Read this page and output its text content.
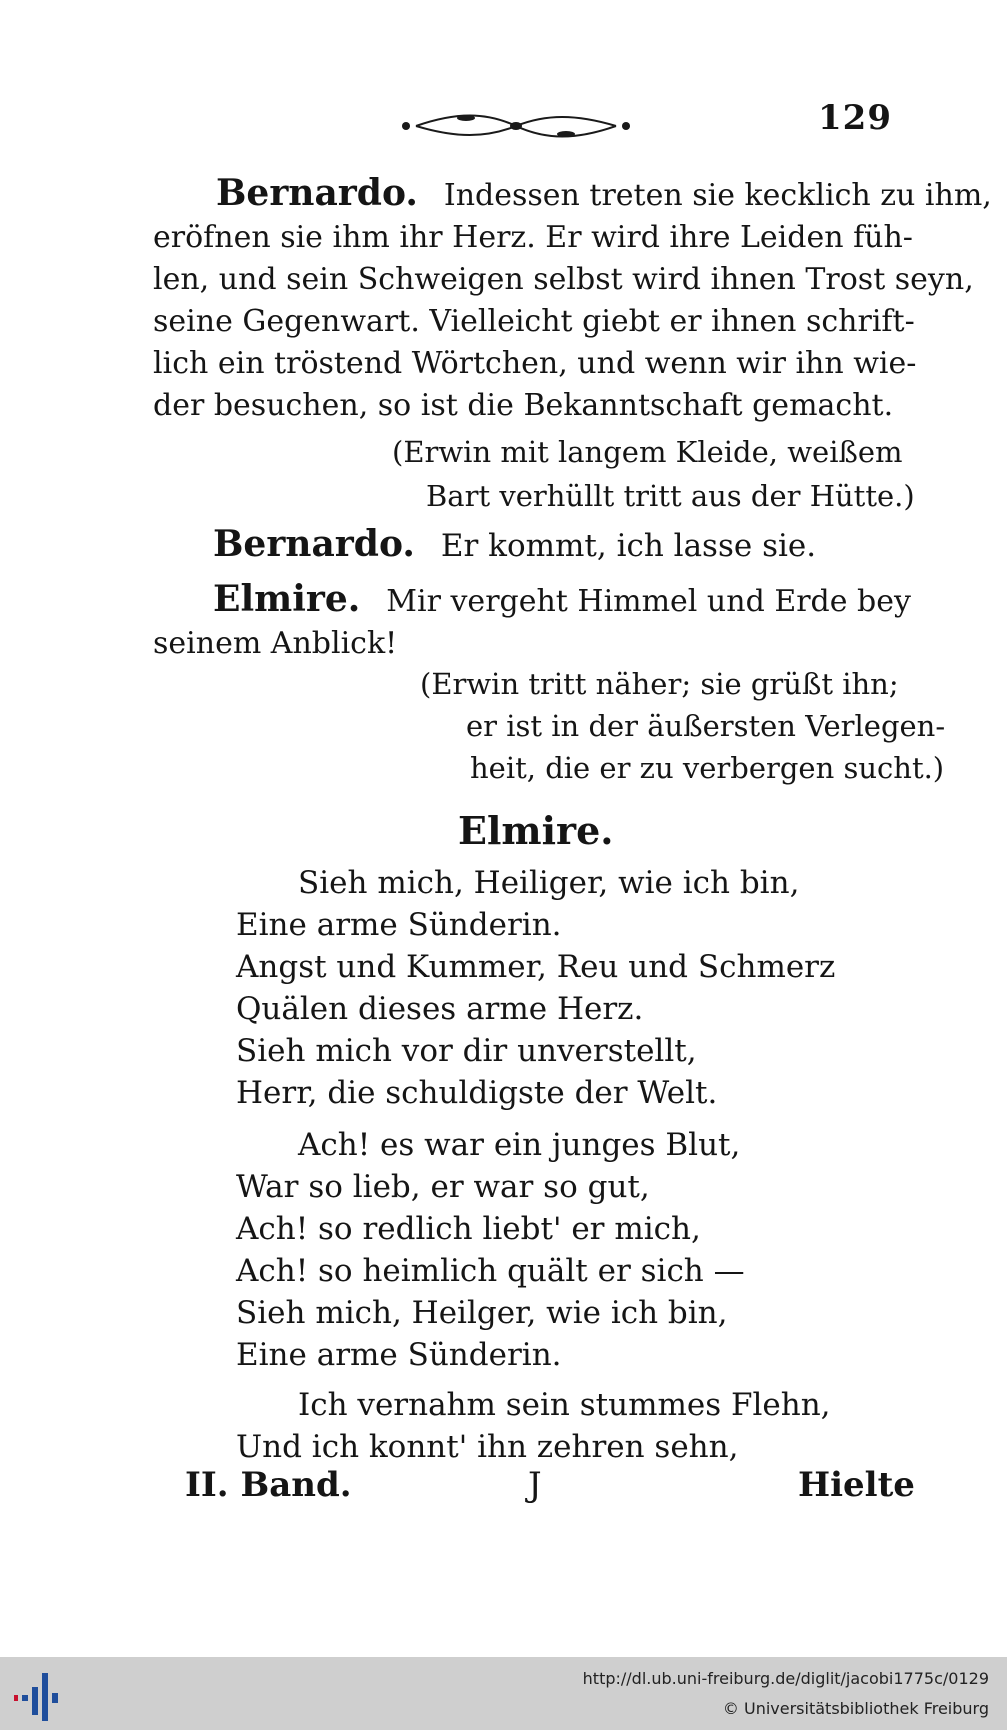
129

Bernardo. Indessen treten sie kecklich zu ihm,

eröfnen sie ihm ihr Herz. Er wird ihre Leiden füh-

len, und sein Schweigen selbst wird ihnen Trost seyn,

seine Gegenwart. Vielleicht giebt er ihnen schrift-

lich ein tröstend Wörtchen, und wenn wir ihn wie-

der besuchen, so ist die Bekanntschaft gemacht.

(Erwin mit langem Kleide, weißem
Bart verhüllt tritt aus der Hütte.)
Bernardo. Er kommt, ich lasse sie.

Elmire. Mir vergeht Himmel und Erde bey

seinem Anblick!

(Erwin tritt näher; sie grüßt ihn;
er ist in der äußersten Verlegen-
heit, die er zu verbergen sucht.)
Elmire.
Sieh mich, Heiliger, wie ich bin,
Eine arme Sünderin.
Angst und Kummer, Reu und Schmerz
Quälen dieses arme Herz.
Sieh mich vor dir unverstellt,
Herr, die schuldigste der Welt.
Ach! es war ein junges Blut,
War so lieb, er war so gut,
Ach! so redlich liebt' er mich,
Ach! so heimlich quält er sich —
Sieh mich, Heilger, wie ich bin,
Eine arme Sünderin.
Ich vernahm sein stummes Flehn,
Und ich konnt' ihn zehren sehn,
II. Band.	J	Hielte
http://dl.ub.uni-freiburg.de/diglit/jacobi1775c/0129
© Universitätsbibliothek Freiburg
